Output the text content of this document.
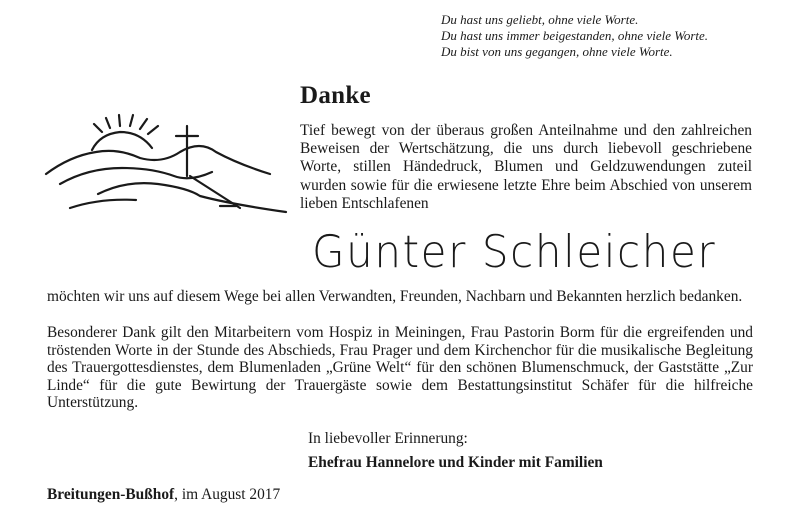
Du hast uns geliebt, ohne viele Worte.
Du hast uns immer beigestanden, ohne viele Worte.
Du bist von uns gegangen, ohne viele Worte.
Danke
Tief bewegt von der überaus großen Anteilnahme und den zahlreichen Beweisen der Wertschätzung, die uns durch liebevoll geschriebene Worte, stillen Händedruck, Blumen und Geldzuwendungen zuteil wurden sowie für die erwiesene letzte Ehre beim Abschied von unserem lieben Entschlafenen
Günter Schleicher
möchten wir uns auf diesem Wege bei allen Verwandten, Freunden, Nachbarn und Bekannten herzlich bedanken.
Besonderer Dank gilt den Mitarbeitern vom Hospiz in Meiningen, Frau Pastorin Borm für die ergreifenden und tröstenden Worte in der Stunde des Abschieds, Frau Prager und dem Kirchenchor für die musikalische Begleitung des Trauergottesdienstes, dem Blumenladen „Grüne Welt“ für den schönen Blumenschmuck, der Gaststätte „Zur Linde“ für die gute Bewirtung der Trauergäste sowie dem Bestattungsinstitut Schäfer für die hilfreiche Unterstützung.
In liebevoller Erinnerung:
Ehefrau Hannelore und Kinder mit Familien
Breitungen-Bußhof, im August 2017
